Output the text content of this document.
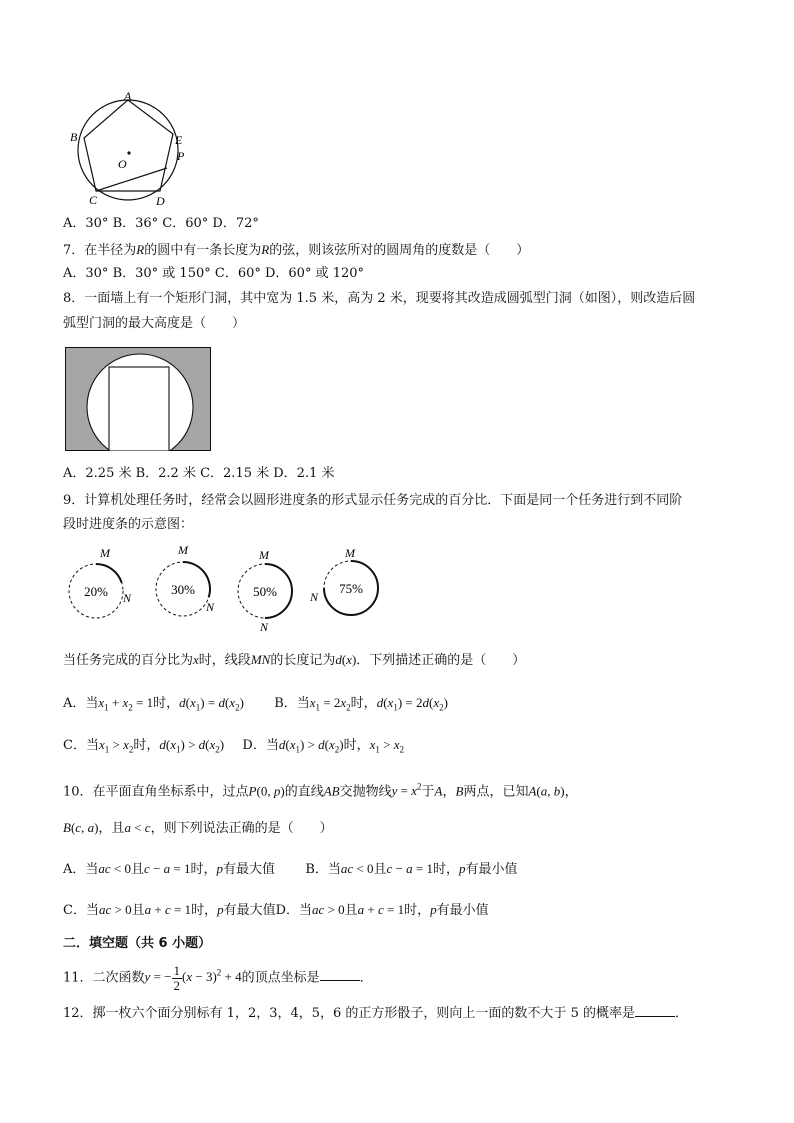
A
B
C	D
E
P
O
A．30° B．36° C．60° D．72°
7．在半径为R的圆中有一条长度为R的弦，则该弦所对的圆周角的度数是（　　）
A．30° B．30° 或 150° C．60° D．60° 或 120°
8．一面墙上有一个矩形门洞，其中宽为 1.5 米，高为 2 米，现要将其改造成圆弧型门洞（如图），则改造后圆
弧型门洞的最大高度是（　　）
A．2.25 米 B．2.2 米 C．2.15 米 D．2.1 米
9．计算机处理任务时，经常会以圆形进度条的形式显示任务完成的百分比．下面是同一个任务进行到不同阶
段时进度条的示意图：
20%
M
N
30%
M
N
50%
M
N
75%
M
N
当任务完成的百分比为x时，线段MN的长度记为d(x)．下列描述正确的是（　　）
A．当$x_1 + x_2 = 1$时，$d(x_1) = d(x_2)$ B．当$x_1 = 2x_2$时，$d(x_1) = 2d(x_2)$
C．当$x_1 > x_2$时，$d(x_1) > d(x_2)$ D．当$d(x_1) > d(x_2)$时，$x_1 > x_2$
10．在平面直角坐标系中，过点P(0, p)的直线AB交抛物线$y = x^2$于A，B两点，已知A(a, b)，
B(c, a)，且a < c，则下列说法正确的是（　　）
A．当ac < 0且c − a = 1时，p有最大值 B．当ac < 0且c − a = 1时，p有最小值
C．当ac > 0且a + c = 1时，p有最大值D．当ac > 0且a + c = 1时，p有最小值
二．填空题（共 6 小题）
11．二次函数y = − $\frac{1}{2} (x - 3)^2 + 4$的顶点坐标是	．
12．掷一枚六个面分别标有 1，2，3，4，5，6 的正方形骰子，则向上一面的数不大于 5 的概率是	．
